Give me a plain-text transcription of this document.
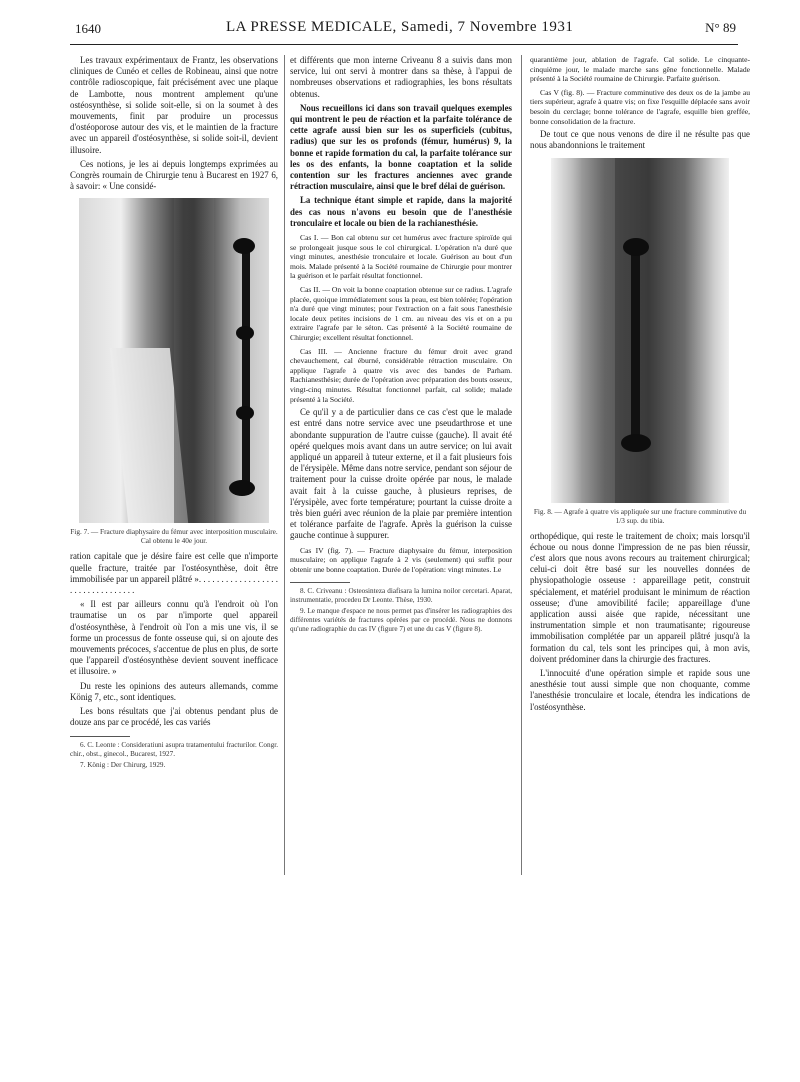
1640	LA PRESSE MEDICALE, Samedi, 7 Novembre 1931	N° 89

Les travaux expérimentaux de Frantz, les observations cliniques de Cunéo et celles de Robineau, ainsi que notre contrôle radioscopique, fait précisément avec une plaque de Lambotte, nous montrent amplement qu'une ostéosynthèse, si solide soit-elle, si on la soumet à des mouvements, finit par produire un processus d'ostéoporose autour des vis, et le maintien de la fracture avec un appareil d'ostéosynthèse, si solide soit-il, devient illusoire.

Ces notions, je les ai depuis longtemps exprimées au Congrès roumain de Chirurgie tenu à Bucarest en 1927 6, à savoir: « Une considé-

Fig. 7. — Fracture diaphysaire du fémur avec interposition musculaire. Cal obtenu le 40e jour.

ration capitale que je désire faire est celle que n'importe quelle fracture, traitée par l'ostéosynthèse, doit être immobilisée par un appareil plâtré ». . . . . . . . . . . . . . . . . . . . . . . . . . . . . . . . .

« Il est par ailleurs connu qu'à l'endroit où l'on traumatise un os par n'importe quel appareil d'ostéosynthèse, à l'endroit où l'on a mis une vis, il se forme un processus de fonte osseuse qui, si on ajoute des mouvements précoces, s'accentue de plus en plus, de sorte que l'appareil d'ostéosynthèse devient souvent inefficace et illusoire. »

Du reste les opinions des auteurs allemands, comme König 7, etc., sont identiques.

Les bons résultats que j'ai obtenus pendant plus de douze ans par ce procédé, les cas variés

6. C. Leonte : Consideratiuni asupra tratamentului fracturilor. Congr. chir., obst., ginecol., Bucarest, 1927.

7. König : Der Chirurg, 1929.

et différents que mon interne Criveanu 8 a suivis dans mon service, lui ont servi à montrer dans sa thèse, à l'appui de nombreuses observations et radiographies, les bons résultats obtenus.

Nous recueillons ici dans son travail quelques exemples qui montrent le peu de réaction et la parfaite tolérance de cette agrafe aussi bien sur les os superficiels (cubitus, radius) que sur les os profonds (fémur, humérus) 9, la bonne et rapide formation du cal, la parfaite tolérance sur les os des enfants, la bonne coaptation et la solide contention sur les fractures anciennes avec grande rétraction musculaire, ainsi que le bref délai de guérison.

La technique étant simple et rapide, dans la majorité des cas nous n'avons eu besoin que de l'anesthésie tronculaire et locale ou bien de la rachianesthésie.

Cas I. — Bon cal obtenu sur cet humérus avec fracture spiroïde qui se prolongeait jusque sous le col chirurgical. L'opération n'a duré que vingt minutes, anesthésie tronculaire et locale. Guérison au bout d'un mois. Malade présenté à la Société roumaine de Chirurgie pour montrer la guérison et le parfait résultat fonctionnel.

Cas II. — On voit la bonne coaptation obtenue sur ce radius. L'agrafe placée, quoique immédiatement sous la peau, est bien tolérée; l'opération n'a duré que vingt minutes; pour l'extraction on a fait sous l'anesthésie locale deux petites incisions de 1 cm. au niveau des vis et on a pu extraire l'agrafe par le séton. Cas présenté à la Société roumaine de Chirurgie; excellent résultat fonctionnel.

Cas III. — Ancienne fracture du fémur droit avec grand chevauchement, cal éburné, considérable rétraction musculaire. On applique l'agrafe à quatre vis avec des bandes de Parham. Rachianesthésie; durée de l'opération avec préparation des bouts osseux, vingt-cinq minutes. Résultat fonctionnel parfait, cal solide; malade présenté à la Société.

Ce qu'il y a de particulier dans ce cas c'est que le malade est entré dans notre service avec une pseudarthrose et une abondante suppuration de l'autre cuisse (gauche). Il avait été opéré quelques mois avant dans un autre service; on lui avait appliqué un appareil à tuteur externe, et il a fait plusieurs fois de l'érysipèle. Même dans notre service, pendant son séjour de traitement pour la cuisse droite opérée par nous, le malade avait fait à la cuisse gauche, à plusieurs reprises, de l'érysipèle, avec forte température; pourtant la cuisse droite a très bien guéri avec réunion de la plaie par première intention et tolérance parfaite de l'agrafe. Après la guérison la cuisse gauche continue à suppurer.

Cas IV (fig. 7). — Fracture diaphysaire du fémur, interposition musculaire; on applique l'agrafe à 2 vis (seulement) qui suffit pour obtenir une bonne coaptation. Durée de l'opération: vingt minutes. Le

8. C. Criveanu : Osteosinteza diafisara la lumina noilor cercetari. Aparat, instrumentatie, procedeu Dr Leonte. Thèse, 1930.

9. Le manque d'espace ne nous permet pas d'insérer les radiographies des différentes variétés de fractures opérées par ce procédé. Nous ne donnons qu'une radiographie du cas IV (figure 7) et une du cas V (figure 8).

quarantième jour, ablation de l'agrafe. Cal solide. Le cinquante-cinquième jour, le malade marche sans gêne fonctionnelle. Malade présenté à la Société roumaine de Chirurgie. Parfaite guérison.

Cas V (fig. 8). — Fracture comminutive des deux os de la jambe au tiers supérieur, agrafe à quatre vis; on fixe l'esquille déplacée sans avoir besoin du cerclage; bonne tolérance de l'agrafe, esquille bien greffée, bonne consolidation de la fracture.

De tout ce que nous venons de dire il ne résulte pas que nous abandonnions le traitement

Fig. 8. — Agrafe à quatre vis appliquée sur une fracture comminutive du 1/3 sup. du tibia.

orthopédique, qui reste le traitement de choix; mais lorsqu'il échoue ou nous donne l'impression de ne pas bien réussir, c'est alors que nous avons recours au traitement chirurgical; celui-ci doit être basé sur les nouvelles données de physiopathologie osseuse : appareillage petit, construit spécialement, et matériel produisant le minimum de réaction osseuse; d'une amovibilité facile; appareillage d'une application aussi aisée que rapide, nécessitant une instrumentation simple et non traumatisante; rigoureuse immobilisation complétée par un appareil plâtré jusqu'à la formation du cal, tels sont les principes qui, à mon avis, doivent prédominer dans la chirurgie des fractures.

L'innocuité d'une opération simple et rapide sous une anesthésie tout aussi simple que non choquante, comme l'anesthésie tronculaire et locale, étendra les indications de l'ostéosynthèse.
